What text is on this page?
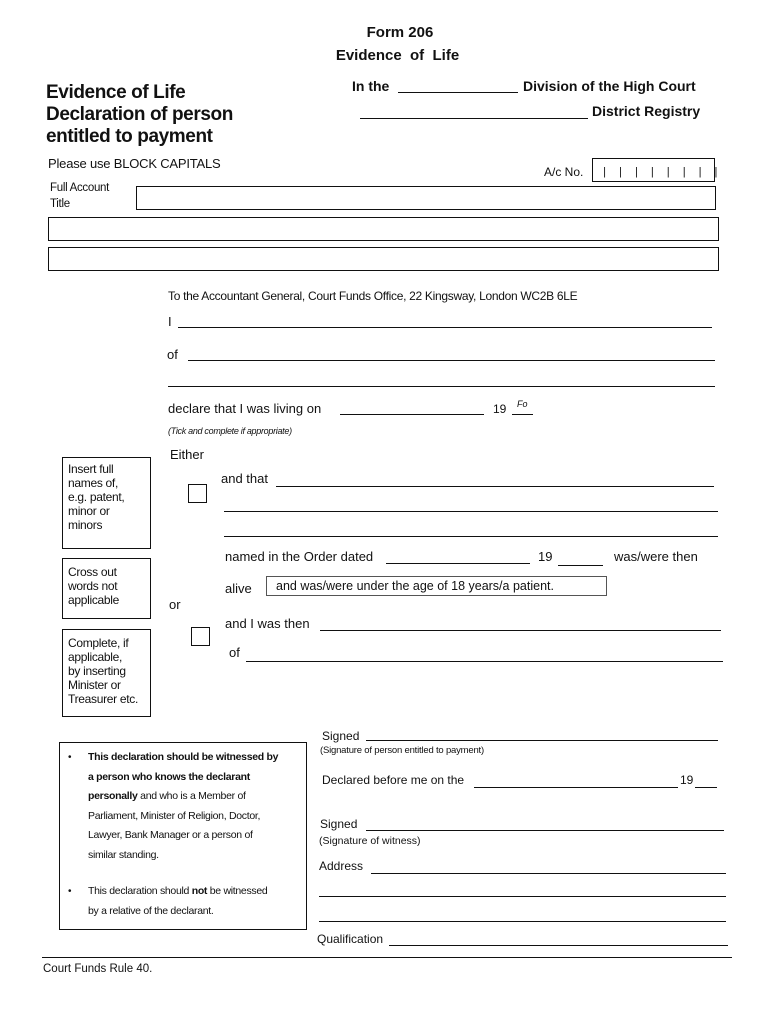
Form 206
Evidence  of  Life
Evidence of Life
Declaration of person
entitled to payment
In the	Division of the High Court
District Registry
Please use BLOCK CAPITALS
A/c No. | | | | | | | |
Full Account
Title
To the Accountant General, Court Funds Office, 22 Kingsway, London WC2B 6LE
I
of
declare that I was living on	19 Fo
(Tick and complete if appropriate)
Either
and that
named in the Order dated	19	was/were then
alive and was/were under the age of 18 years/a patient.
or
and I was then
of
Insert full
names of,
e.g. patent,
minor or
minors
Cross out
words not
applicable
Complete, if
applicable,
by inserting
Minister or
Treasurer etc.
• This declaration should be witnessed by
a person who knows the declarant
personally and who is a Member of
Parliament, Minister of Religion, Doctor,
Lawyer, Bank Manager or a person of
similar standing.
• This declaration should not be witnessed
by a relative of the declarant.
Signed
(Signature of person entitled to payment)
Declared before me on the	19
Signed
(Signature of witness)
Address
Qualification
Court Funds Rule 40.
